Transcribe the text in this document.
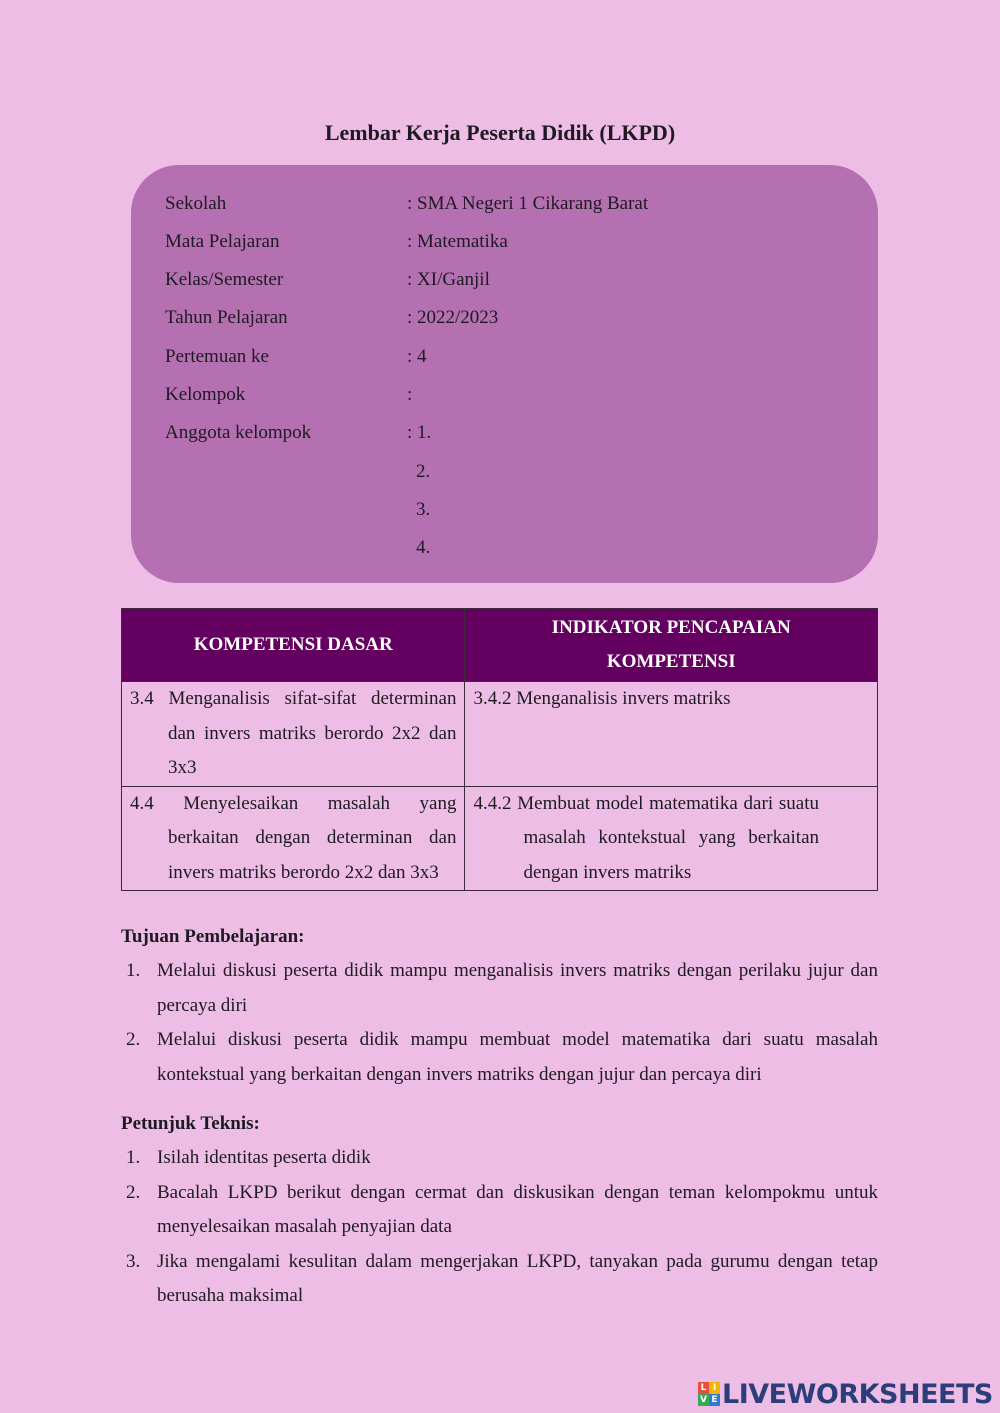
Lembar Kerja Peserta Didik (LKPD)
Sekolah	: SMA Negeri 1 Cikarang Barat
Mata Pelajaran	: Matematika
Kelas/Semester	: XI/Ganjil
Tahun Pelajaran	: 2022/2023
Pertemuan ke	: 4
Kelompok	:
Anggota kelompok	: 1.
2.
3.
4.
KOMPETENSI DASAR	INDIKATOR PENCAPAIAN KOMPETENSI

3.4 Menganalisis sifat-sifat determinan dan invers matriks berordo 2x2 dan 3x3	3.4.2 Menganalisis invers matriks

4.4 Menyelesaikan masalah yang berkaitan dengan determinan dan invers matriks berordo 2x2 dan 3x3	4.4.2 Membuat model matematika dari suatu masalah kontekstual yang berkaitan dengan invers matriks
Tujuan Pembelajaran:
1. Melalui diskusi peserta didik mampu menganalisis invers matriks dengan perilaku jujur dan percaya diri
2. Melalui diskusi peserta didik mampu membuat model matematika dari suatu masalah kontekstual yang berkaitan dengan invers matriks dengan jujur dan percaya diri
Petunjuk Teknis:
1. Isilah identitas peserta didik
2. Bacalah LKPD berikut dengan cermat dan diskusikan dengan teman kelompokmu untuk menyelesaikan masalah penyajian data
3. Jika mengalami kesulitan dalam mengerjakan LKPD, tanyakan pada gurumu dengan tetap berusaha maksimal
L I
V E LIVEWORKSHEETS
